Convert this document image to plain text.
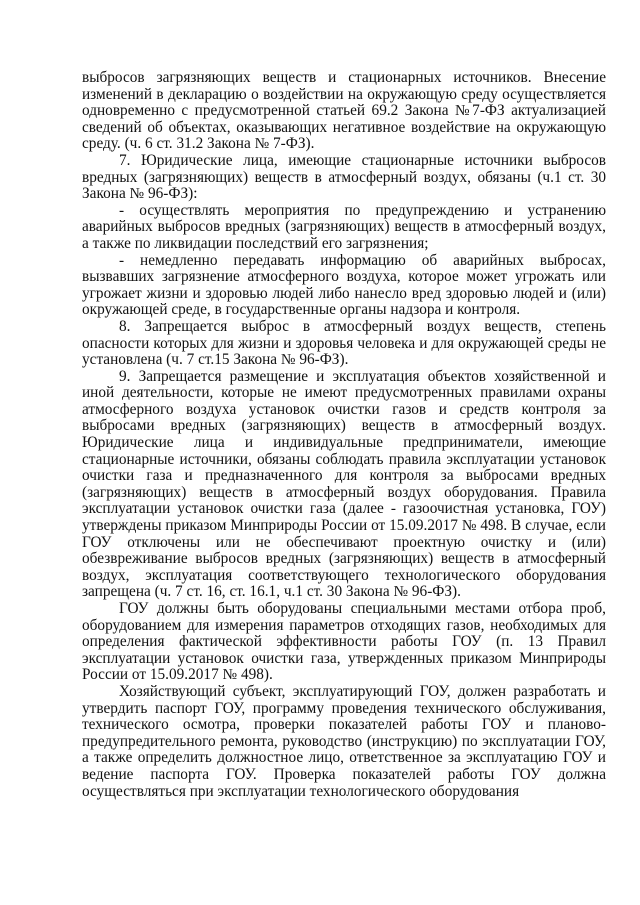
выбросов загрязняющих веществ и стационарных источников. Внесение изменений в декларацию о воздействии на окружающую среду осуществляется одновременно с предусмотренной статьей 69.2 Закона №7-ФЗ актуализацией сведений об объектах, оказывающих негативное воздействие на окружающую среду. (ч. 6 ст. 31.2 Закона № 7-ФЗ).

7. Юридические лица, имеющие стационарные источники выбросов вредных (загрязняющих) веществ в атмосферный воздух, обязаны (ч.1 ст. 30 Закона № 96-ФЗ):

- осуществлять мероприятия по предупреждению и устранению аварийных выбросов вредных (загрязняющих) веществ в атмосферный воздух, а также по ликвидации последствий его загрязнения;

- немедленно передавать информацию об аварийных выбросах, вызвавших загрязнение атмосферного воздуха, которое может угрожать или угрожает жизни и здоровью людей либо нанесло вред здоровью людей и (или) окружающей среде, в государственные органы надзора и контроля.

8. Запрещается выброс в атмосферный воздух веществ, степень опасности которых для жизни и здоровья человека и для окружающей среды не установлена (ч. 7 ст.15 Закона № 96-ФЗ).

9. Запрещается размещение и эксплуатация объектов хозяйственной и иной деятельности, которые не имеют предусмотренных правилами охраны атмосферного воздуха установок очистки газов и средств контроля за выбросами вредных (загрязняющих) веществ в атмосферный воздух. Юридические лица и индивидуальные предприниматели, имеющие стационарные источники, обязаны соблюдать правила эксплуатации установок очистки газа и предназначенного для контроля за выбросами вредных (загрязняющих) веществ в атмосферный воздух оборудования. Правила эксплуатации установок очистки газа (далее - газоочистная установка, ГОУ) утверждены приказом Минприроды России от 15.09.2017 № 498. В случае, если ГОУ отключены или не обеспечивают проектную очистку и (или) обезвреживание выбросов вредных (загрязняющих) веществ в атмосферный воздух, эксплуатация соответствующего технологического оборудования запрещена (ч. 7 ст. 16, ст. 16.1, ч.1 ст. 30 Закона № 96-ФЗ).

ГОУ должны быть оборудованы специальными местами отбора проб, оборудованием для измерения параметров отходящих газов, необходимых для определения фактической эффективности работы ГОУ (п. 13 Правил эксплуатации установок очистки газа, утвержденных приказом Минприроды России от 15.09.2017 № 498).

Хозяйствующий субъект, эксплуатирующий ГОУ, должен разработать и утвердить паспорт ГОУ, программу проведения технического обслуживания, технического осмотра, проверки показателей работы ГОУ и планово-предупредительного ремонта, руководство (инструкцию) по эксплуатации ГОУ, а также определить должностное лицо, ответственное за эксплуатацию ГОУ и ведение паспорта ГОУ. Проверка показателей работы ГОУ должна осуществляться при эксплуатации технологического оборудования
